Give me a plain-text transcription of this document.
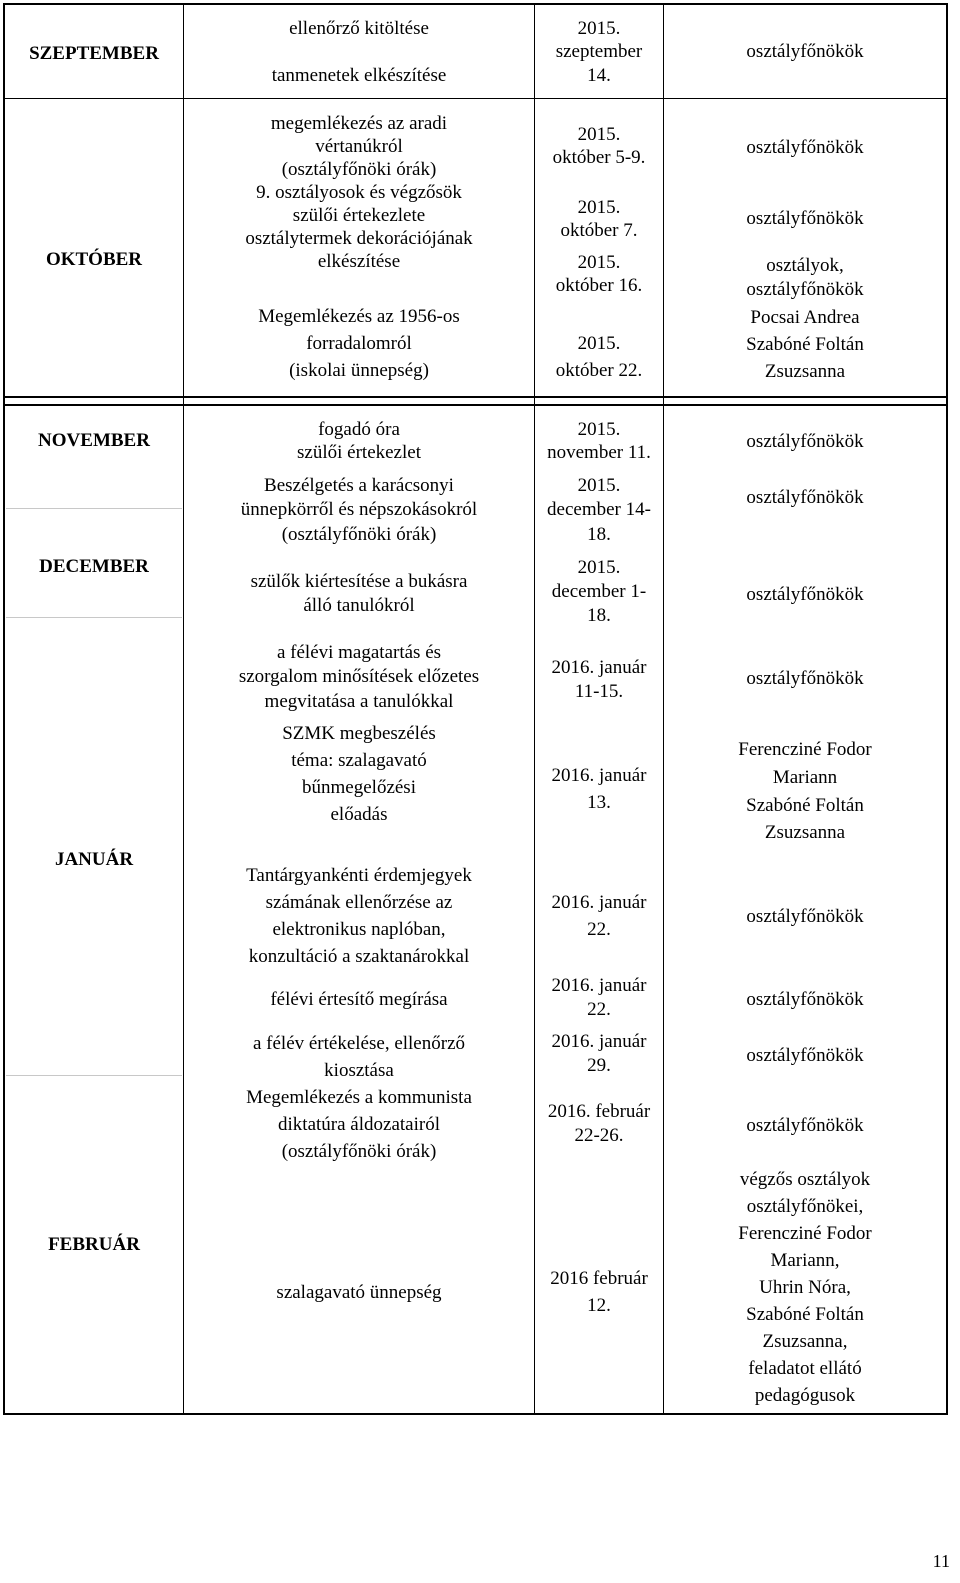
SZEPTEMBER
ellenőrző kitöltése
tanmenetek elkészítése
2015.
szeptember
14.
osztályfőnökök
OKTÓBER
megemlékezés az aradi
vértanúkról
(osztályfőnöki órák)
9. osztályosok és végzősök
szülői értekezlete
osztálytermek dekorációjának
elkészítése
Megemlékezés az 1956-os
forradalomról
(iskolai ünnepség)
2015.
október 5-9.
2015.
október 7.
2015.
október 16.
2015.
október 22.
osztályfőnökök
osztályfőnökök
osztályok,
osztályfőnökök
Pocsai Andrea
Szabóné Foltán
Zsuzsanna
NOVEMBER
DECEMBER
JANUÁR
FEBRUÁR
fogadó óra
szülői értekezlet
Beszélgetés a karácsonyi
ünnepkörről és népszokásokról
(osztályfőnöki órák)
szülők kiértesítése a bukásra
álló tanulókról
a félévi magatartás és
szorgalom minősítések előzetes
megvitatása a tanulókkal
SZMK megbeszélés
téma: szalagavató
bűnmegelőzési
előadás
Tantárgyankénti érdemjegyek
számának ellenőrzése az
elektronikus naplóban,
konzultáció a szaktanárokkal
félévi értesítő megírása
a félév értékelése, ellenőrző
kiosztása
Megemlékezés a kommunista
diktatúra áldozatairól
(osztályfőnöki órák)
szalagavató ünnepség
2015.
november 11.
2015.
december 14-
18.
2015.
december 1-
18.
2016. január
11-15.
2016. január
13.
2016. január
22.
2016. január
22.
2016. január
29.
2016. február
22-26.
2016 február
12.
osztályfőnökök
osztályfőnökök
osztályfőnökök
osztályfőnökök
Ferencziné Fodor
Mariann
Szabóné Foltán
Zsuzsanna
osztályfőnökök
osztályfőnökök
osztályfőnökök
osztályfőnökök
végzős osztályok
osztályfőnökei,
Ferencziné Fodor
Mariann,
Uhrin Nóra,
Szabóné Foltán
Zsuzsanna,
feladatot ellátó
pedagógusok
11
